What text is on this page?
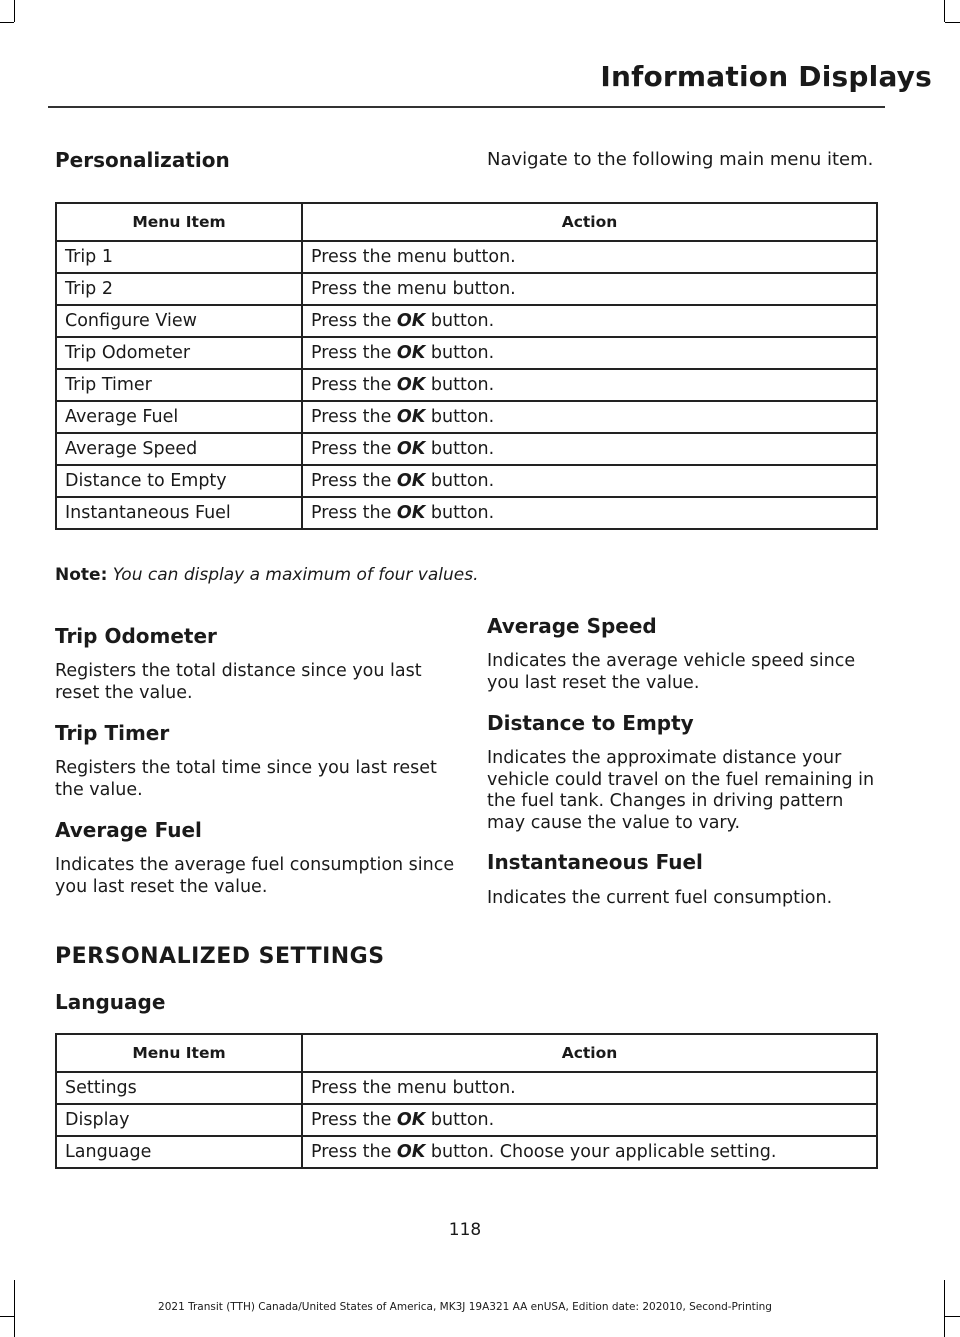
Information Displays
Personalization	Navigate to the following main menu item.
Menu Item	Action
Trip 1	Press the menu button.
Trip 2	Press the menu button.
Configure View	Press the OK button.
Trip Odometer	Press the OK button.
Trip Timer	Press the OK button.
Average Fuel	Press the OK button.
Average Speed	Press the OK button.
Distance to Empty	Press the OK button.
Instantaneous Fuel	Press the OK button.
Note: You can display a maximum of four values.
Trip Odometer
Registers the total distance since you last reset the value.
Trip Timer
Registers the total time since you last reset the value.
Average Fuel
Indicates the average fuel consumption since you last reset the value.
Average Speed
Indicates the average vehicle speed since you last reset the value.
Distance to Empty
Indicates the approximate distance your vehicle could travel on the fuel remaining in the fuel tank. Changes in driving pattern may cause the value to vary.
Instantaneous Fuel
Indicates the current fuel consumption.
PERSONALIZED SETTINGS
Language
Menu Item	Action
Settings	Press the menu button.
Display	Press the OK button.
Language	Press the OK button. Choose your applicable setting.
118
2021 Transit (TTH) Canada/United States of America, MK3J 19A321 AA enUSA, Edition date: 202010, Second-Printing
